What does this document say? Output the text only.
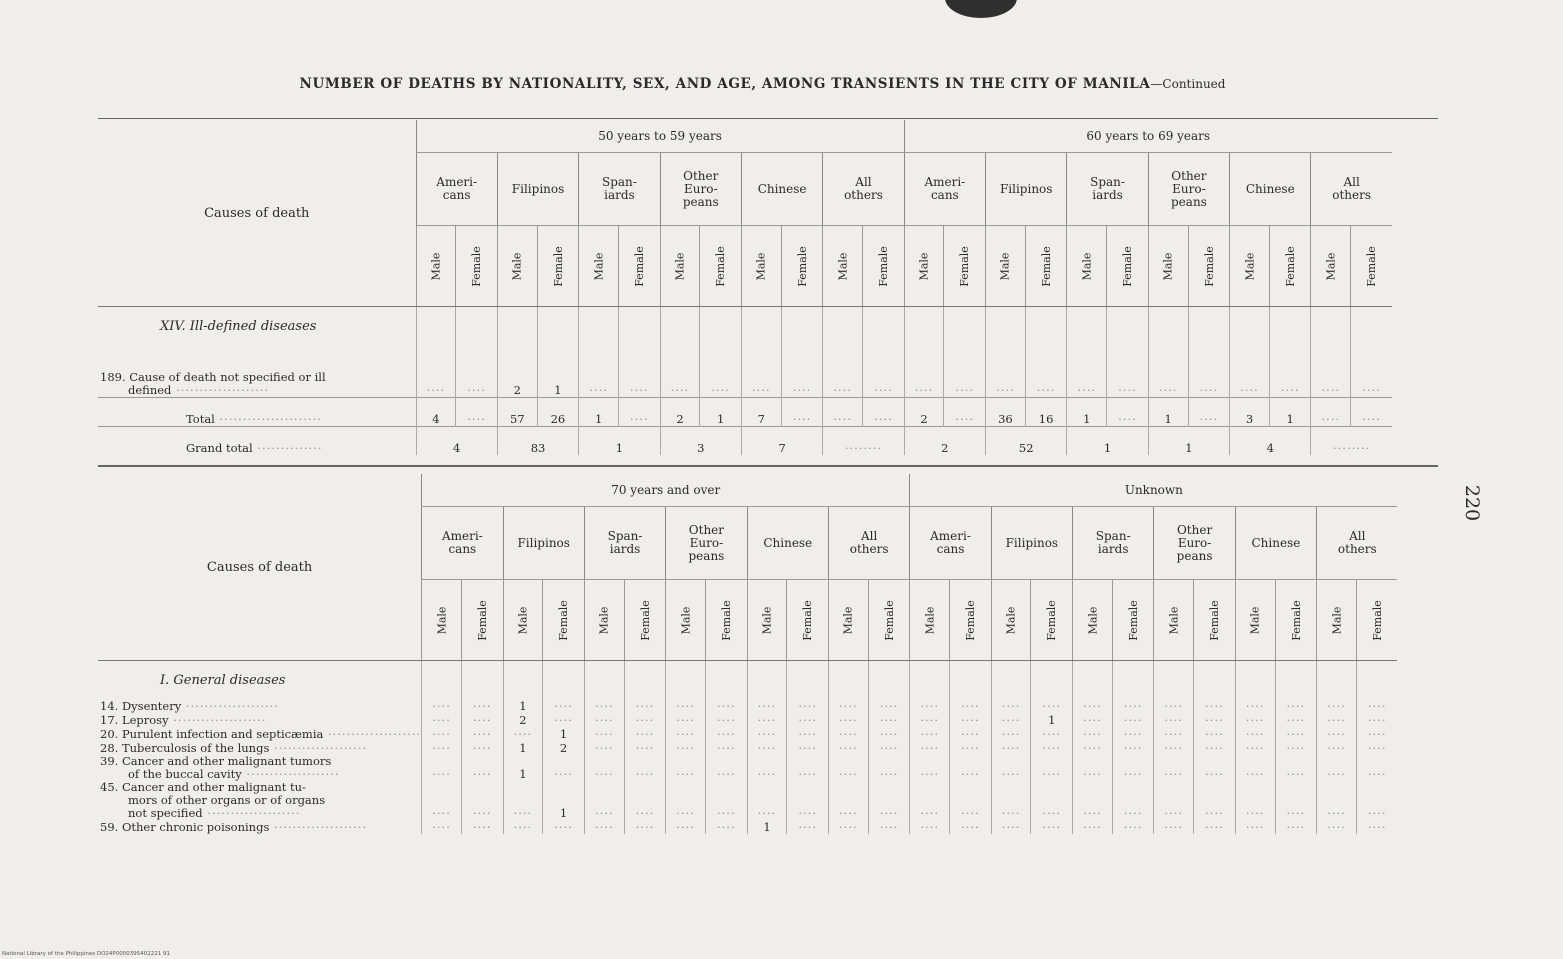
NUMBER OF DEATHS BY NATIONALITY, SEX, AND AGE, AMONG TRANSIENTS IN THE CITY OF MANILA—Continued
Causes of death	50 years to 59 years												60 years to 69 years											
	Ameri-
cans		Filipinos		Span-
iards		Other
Euro-
peans		Chinese		All
others		Ameri-
cans		Filipinos		Span-
iards		Other
Euro-
peans		Chinese		All
others	
	Male	Female	Male	Female	Male	Female	Male	Female	Male	Female	Male	Female	Male	Female	Male	Female	Male	Female	Male	Female	Male	Female	Male	Female
XIV. Ill-defined diseases																								

189. Cause of death not specified or ill
defined ····················	····	····	2	1	····	····	····	····	····	····	····	····	····	····	····	····	····	····	····	····	····	····	····	····
Total ······················	4	····	57	26	1	····	2	1	7	····	····	····	2	····	36	16	1	····	1	····	3	1	····	····
Grand total ··············	4		83		1		3		7		········		2		52		1		1		4		········	
Causes of death	70 years and over												Unknown											
	Ameri-
cans		Filipinos		Span-
iards		Other
Euro-
peans		Chinese		All
others		Ameri-
cans		Filipinos		Span-
iards		Other
Euro-
peans		Chinese		All
others	
	Male	Female	Male	Female	Male	Female	Male	Female	Male	Female	Male	Female	Male	Female	Male	Female	Male	Female	Male	Female	Male	Female	Male	Female
I. General diseases																								

14. Dysentery ····················	····	····	1	····	····	····	····	····	····	····	····	····	····	····	····	····	····	····	····	····	····	····	····	····

17. Leprosy ····················	····	····	2	····	····	····	····	····	····	····	····	····	····	····	····	1	····	····	····	····	····	····	····	····

20. Purulent infection and septicæmia ····················	····	····	····	1	····	····	····	····	····	····	····	····	····	····	····	····	····	····	····	····	····	····	····	····

28. Tuberculosis of the lungs ····················	····	····	1	2	····	····	····	····	····	····	····	····	····	····	····	····	····	····	····	····	····	····	····	····

39. Cancer and other malignant tumors
of the buccal cavity ····················	····	····	1	····	····	····	····	····	····	····	····	····	····	····	····	····	····	····	····	····	····	····	····	····

45. Cancer and other malignant tu-
mors of other organs or of organs
not specified ····················	····	····	····	1	····	····	····	····	····	····	····	····	····	····	····	····	····	····	····	····	····	····	····	····

59. Other chronic poisonings ····················	····	····	····	····	····	····	····	····	1	····	····	····	····	····	····	····	····	····	····	····	····	····	····	····
220
National Library of the Philippines DO24P0000395402221 91
